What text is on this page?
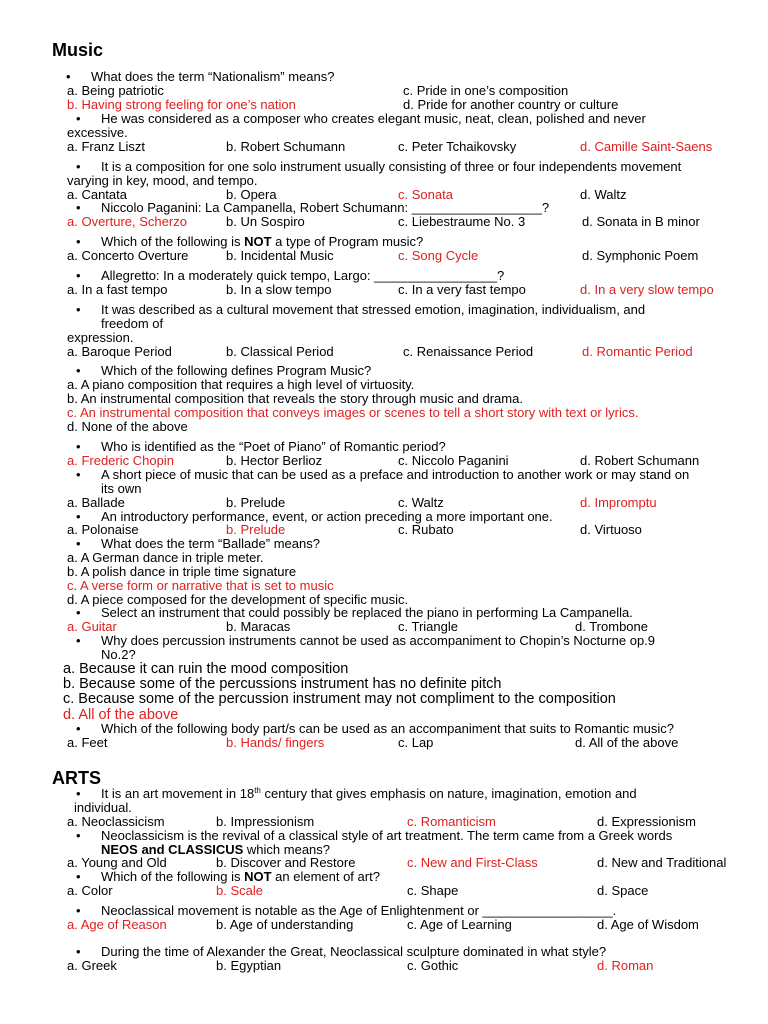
Music
• What does the term “Nationalism” means?
a. Being patriotic	c. Pride in one’s composition
b. Having strong feeling for one’s nation	d. Pride for another country or culture
• He was considered as a composer who creates elegant music, neat, clean, polished and never
excessive.
a. Franz Liszt	b. Robert Schumann	c. Peter Tchaikovsky	d. Camille Saint-Saens
• It is a composition for one solo instrument usually consisting of three or four independents movement
varying in key, mood, and tempo.
a. Cantata	b. Opera	c. Sonata	d. Waltz
• Niccolo Paganini: La Campanella, Robert Schumann: __________________?
a. Overture, Scherzo	b. Un Sospiro	c. Liebestraume No. 3	d. Sonata in B minor
• Which of the following is NOT a type of Program music?
a. Concerto Overture	b. Incidental Music	c. Song Cycle	d. Symphonic Poem
• Allegretto: In a moderately quick tempo, Largo: _________________?
a. In a fast tempo	b. In a slow tempo	c. In a very fast tempo	d. In a very slow tempo
• It was described as a cultural movement that stressed emotion, imagination, individualism, and
freedom of
expression.
a. Baroque Period	b. Classical Period	c. Renaissance Period	d. Romantic Period
• Which of the following defines Program Music?
a. A piano composition that requires a high level of virtuosity.
b. An instrumental composition that reveals the story through music and drama.
c. An instrumental composition that conveys images or scenes to tell a short story with text or lyrics.
d. None of the above
• Who is identified as the “Poet of Piano” of Romantic period?
a. Frederic Chopin	b. Hector Berlioz	c. Niccolo Paganini	d. Robert Schumann
• A short piece of music that can be used as a preface and introduction to another work or may stand on
its own
a. Ballade	b. Prelude	c. Waltz	d. Impromptu
• An introductory performance, event, or action preceding a more important one.
a. Polonaise	b. Prelude	c. Rubato	d. Virtuoso
• What does the term “Ballade” means?
a. A German dance in triple meter.
b. A polish dance in triple time signature
c. A verse form or narrative that is set to music
d. A piece composed for the development of specific music.
• Select an instrument that could possibly be replaced the piano in performing La Campanella.
a. Guitar	b. Maracas	c. Triangle	d. Trombone
• Why does percussion instruments cannot be used as accompaniment to Chopin’s Nocturne op.9
No.2?
a. Because it can ruin the mood composition
b. Because some of the percussions instrument has no definite pitch
c. Because some of the percussion instrument may not compliment to the composition
d. All of the above
• Which of the following body part/s can be used as an accompaniment that suits to Romantic music?
a. Feet	b. Hands/ fingers	c. Lap	d. All of the above
ARTS
• It is an art movement in 18th century that gives emphasis on nature, imagination, emotion and
individual.
a. Neoclassicism	b. Impressionism	c. Romanticism	d. Expressionism
• Neoclassicism is the revival of a classical style of art treatment. The term came from a Greek words
NEOS and CLASSICUS which means?
a. Young and Old	b. Discover and Restore	c. New and First-Class	d. New and Traditional
• Which of the following is NOT an element of art?
a. Color	b. Scale	c. Shape	d. Space
• Neoclassical movement is notable as the Age of Enlightenment or __________________.
a. Age of Reason	b. Age of understanding	c. Age of Learning	d. Age of Wisdom
• During the time of Alexander the Great, Neoclassical sculpture dominated in what style?
a. Greek	b. Egyptian	c. Gothic	d. Roman
